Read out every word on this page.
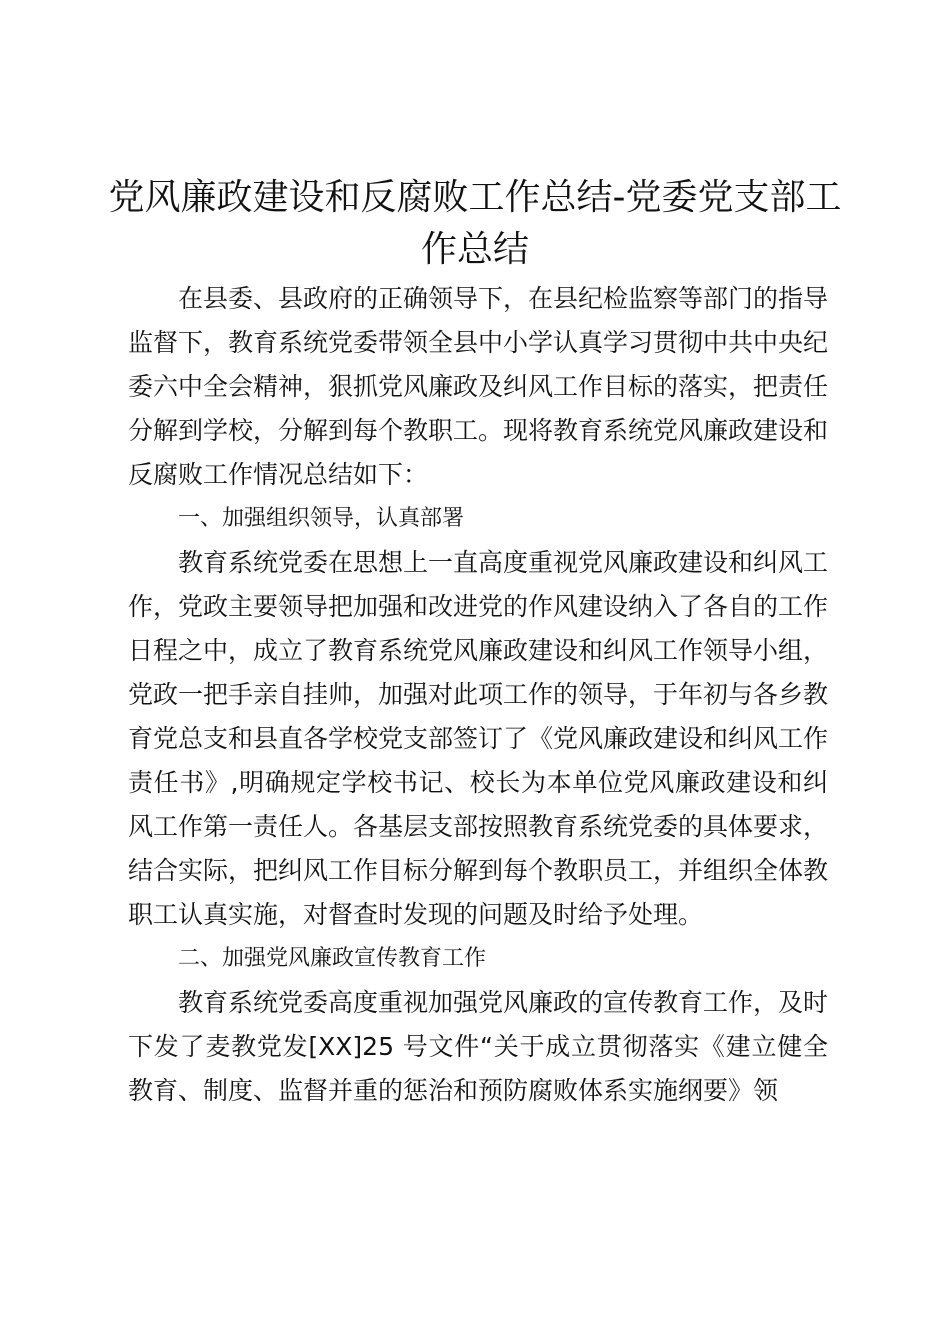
党风廉政建设和反腐败工作总结-党委党支部工作总结

在县委、县政府的正确领导下，在县纪检监察等部门的指导监督下，教育系统党委带领全县中小学认真学习贯彻中共中央纪委六中全会精神，狠抓党风廉政及纠风工作目标的落实，把责任分解到学校，分解到每个教职工。现将教育系统党风廉政建设和反腐败工作情况总结如下：

一、加强组织领导，认真部署

教育系统党委在思想上一直高度重视党风廉政建设和纠风工作，党政主要领导把加强和改进党的作风建设纳入了各自的工作日程之中，成立了教育系统党风廉政建设和纠风工作领导小组，党政一把手亲自挂帅，加强对此项工作的领导，于年初与各乡教育党总支和县直各学校党支部签订了《党风廉政建设和纠风工作责任书》,明确规定学校书记、校长为本单位党风廉政建设和纠风工作第一责任人。各基层支部按照教育系统党委的具体要求，结合实际，把纠风工作目标分解到每个教职员工，并组织全体教职工认真实施，对督查时发现的问题及时给予处理。

二、加强党风廉政宣传教育工作

教育系统党委高度重视加强党风廉政的宣传教育工作，及时下发了麦教党发[XX]25 号文件“关于成立贯彻落实《建立健全教育、制度、监督并重的惩治和预防腐败体系实施纲要》领
